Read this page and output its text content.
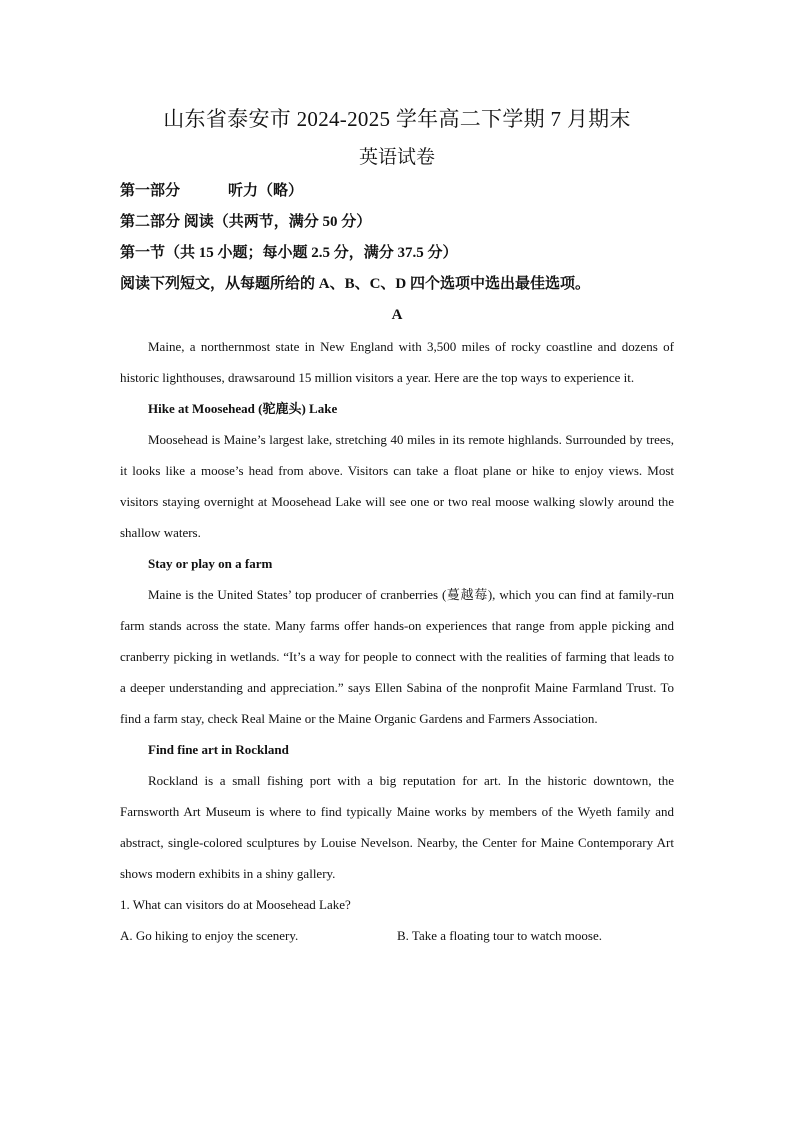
山东省泰安市 2024-2025 学年高二下学期 7 月期末
英语试卷
第一部分	听力（略）
第二部分 阅读（共两节，满分 50 分）
第一节（共 15 小题；每小题 2.5 分，满分 37.5 分）
阅读下列短文，从每题所给的 A、B、C、D 四个选项中选出最佳选项。
A

Maine, a northernmost state in New England with 3,500 miles of rocky coastline and dozens of historic lighthouses, drawsaround 15 million visitors a year. Here are the top ways to experience it.

Hike at Moosehead (驼鹿头) Lake

Moosehead is Maine’s largest lake, stretching 40 miles in its remote highlands. Surrounded by trees, it looks like a moose’s head from above. Visitors can take a float plane or hike to enjoy views. Most visitors staying overnight at Moosehead Lake will see one or two real moose walking slowly around the shallow waters.

Stay or play on a farm

Maine is the United States’ top producer of cranberries (蔓越莓), which you can find at family-run farm stands across the state. Many farms offer hands-on experiences that range from apple picking and cranberry picking in wetlands. “It’s a way for people to connect with the realities of farming that leads to a deeper understanding and appreciation.” says Ellen Sabina of the nonprofit Maine Farmland Trust. To find a farm stay, check Real Maine or the Maine Organic Gardens and Farmers Association.

Find fine art in Rockland

Rockland is a small fishing port with a big reputation for art. In the historic downtown, the Farnsworth Art Museum is where to find typically Maine works by members of the Wyeth family and abstract, single-colored sculptures by Louise Nevelson. Nearby, the Center for Maine Contemporary Art shows modern exhibits in a shiny gallery.

1. What can visitors do at Moosehead Lake?
A. Go hiking to enjoy the scenery.	B. Take a floating tour to watch moose.
